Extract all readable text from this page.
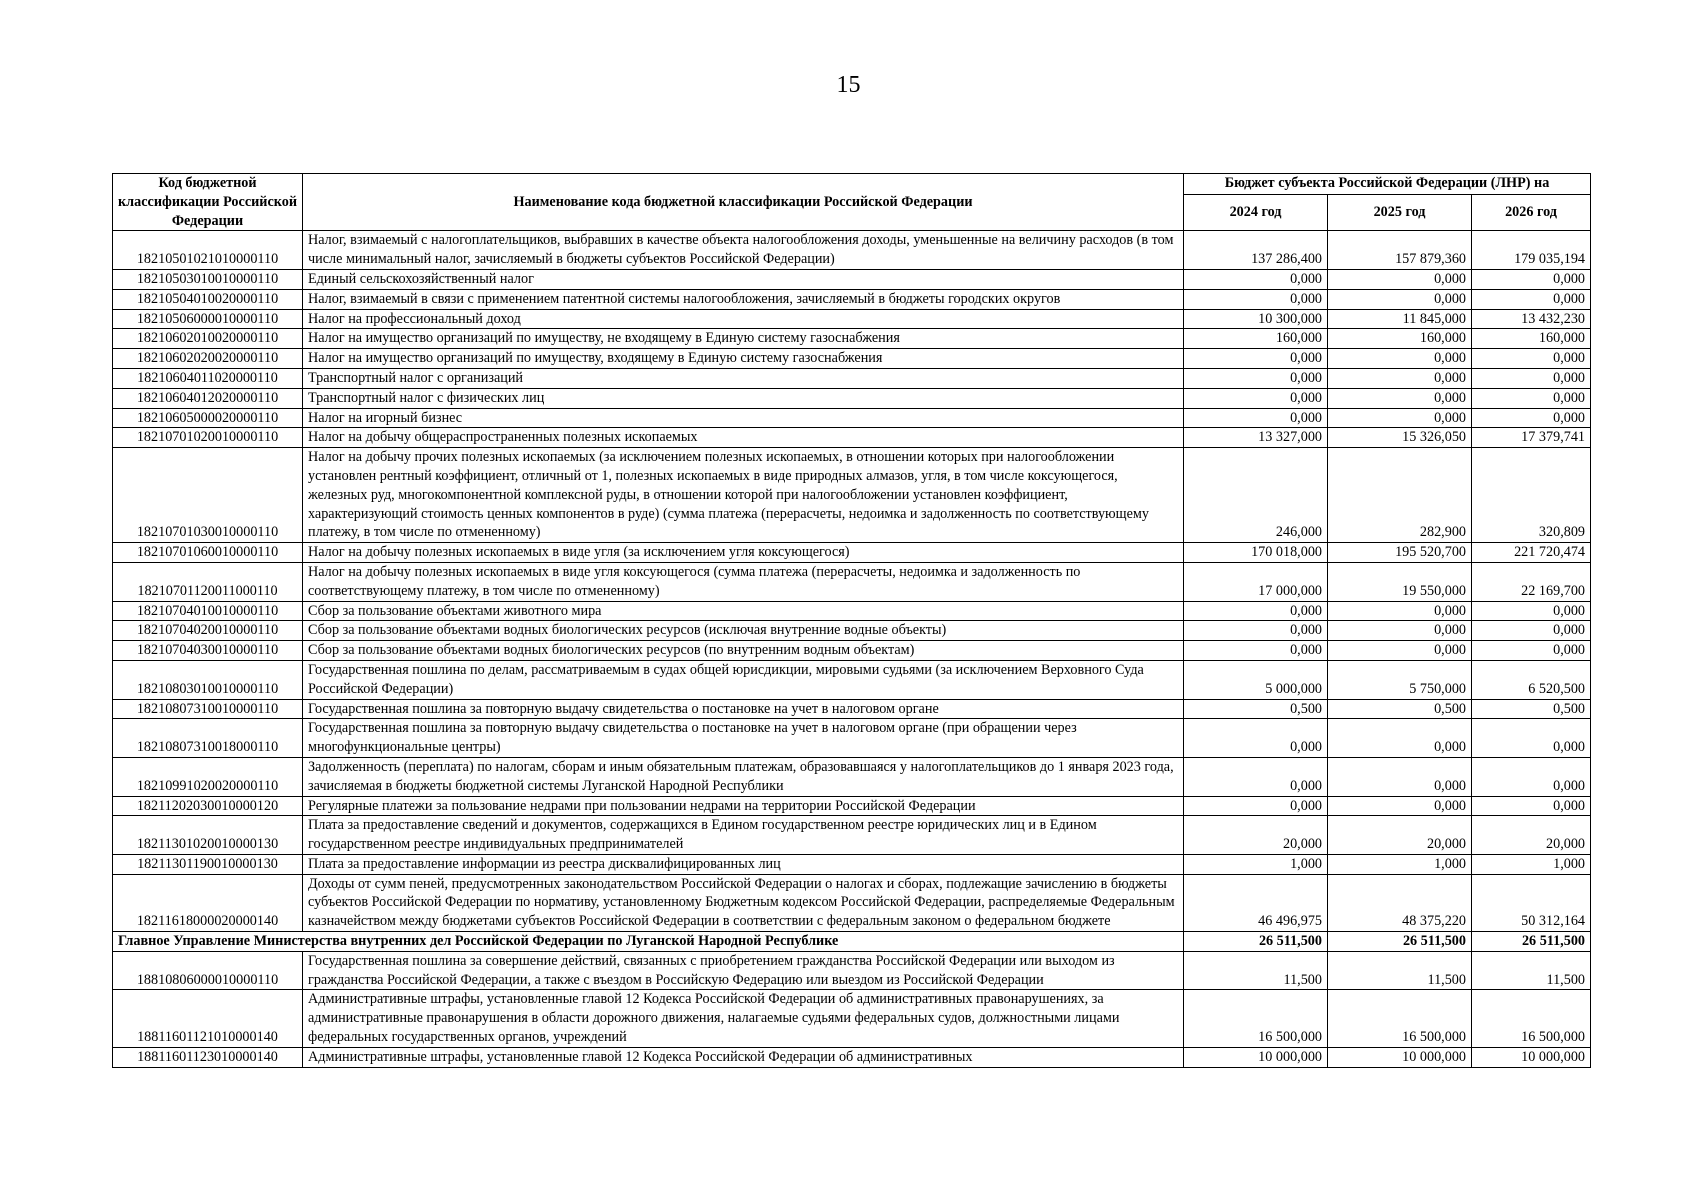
15
Код бюджетной классификации Российской Федерации	Наименование кода бюджетной классификации Российской Федерации	Бюджет субъекта Российской Федерации (ЛНР) на		
		2024 год	2025 год	2026 год
18210501021010000110	Налог, взимаемый с налогоплательщиков, выбравших в качестве объекта налогообложения доходы, уменьшенные на величину расходов (в том числе минимальный налог, зачисляемый в бюджеты субъектов Российской Федерации)	137 286,400	157 879,360	179 035,194
18210503010010000110	Единый сельскохозяйственный налог	0,000	0,000	0,000
18210504010020000110	Налог, взимаемый в связи с применением патентной системы налогообложения, зачисляемый в бюджеты городских округов	0,000	0,000	0,000
18210506000010000110	Налог на профессиональный доход	10 300,000	11 845,000	13 432,230
18210602010020000110	Налог на имущество организаций по имуществу, не входящему в Единую систему газоснабжения	160,000	160,000	160,000
18210602020020000110	Налог на имущество организаций по имуществу, входящему в Единую систему газоснабжения	0,000	0,000	0,000
18210604011020000110	Транспортный налог с организаций	0,000	0,000	0,000
18210604012020000110	Транспортный налог с физических лиц	0,000	0,000	0,000
18210605000020000110	Налог на игорный бизнес	0,000	0,000	0,000
18210701020010000110	Налог на добычу общераспространенных полезных ископаемых	13 327,000	15 326,050	17 379,741
18210701030010000110	Налог на добычу прочих полезных ископаемых (за исключением полезных ископаемых, в отношении которых при налогообложении установлен рентный коэффициент, отличный от 1, полезных ископаемых в виде природных алмазов, угля, в том числе коксующегося, железных руд, многокомпонентной комплексной руды, в отношении которой при налогообложении установлен коэффициент, характеризующий стоимость ценных компонентов в руде) (сумма платежа (перерасчеты, недоимка и задолженность по соответствующему платежу, в том числе по отмененному)	246,000	282,900	320,809
18210701060010000110	Налог на добычу полезных ископаемых в виде угля (за исключением угля коксующегося)	170 018,000	195 520,700	221 720,474
18210701120011000110	Налог на добычу полезных ископаемых в виде угля коксующегося (сумма платежа (перерасчеты, недоимка и задолженность по соответствующему платежу, в том числе по отмененному)	17 000,000	19 550,000	22 169,700
18210704010010000110	Сбор за пользование объектами животного мира	0,000	0,000	0,000
18210704020010000110	Сбор за пользование объектами водных биологических ресурсов (исключая внутренние водные объекты)	0,000	0,000	0,000
18210704030010000110	Сбор за пользование объектами водных биологических ресурсов (по внутренним водным объектам)	0,000	0,000	0,000
18210803010010000110	Государственная пошлина по делам, рассматриваемым в судах общей юрисдикции, мировыми судьями (за исключением Верховного Суда Российской Федерации)	5 000,000	5 750,000	6 520,500
18210807310010000110	Государственная пошлина за повторную выдачу свидетельства о постановке на учет в налоговом органе	0,500	0,500	0,500
18210807310018000110	Государственная пошлина за повторную выдачу свидетельства о постановке на учет в налоговом органе (при обращении через многофункциональные центры)	0,000	0,000	0,000
18210991020020000110	Задолженность (переплата) по налогам, сборам и иным обязательным платежам, образовавшаяся у налогоплательщиков до 1 января 2023 года, зачисляемая в бюджеты бюджетной системы Луганской Народной Республики	0,000	0,000	0,000
18211202030010000120	Регулярные платежи за пользование недрами при пользовании недрами на территории Российской Федерации	0,000	0,000	0,000
18211301020010000130	Плата за предоставление сведений и документов, содержащихся в Едином государственном реестре юридических лиц и в Едином государственном реестре индивидуальных предпринимателей	20,000	20,000	20,000
18211301190010000130	Плата за предоставление информации из реестра дисквалифицированных лиц	1,000	1,000	1,000
18211618000020000140	Доходы от сумм пеней, предусмотренных законодательством Российской Федерации о налогах и сборах, подлежащие зачислению в бюджеты субъектов Российской Федерации по нормативу, установленному Бюджетным кодексом Российской Федерации, распределяемые Федеральным казначейством между бюджетами субъектов Российской Федерации в соответствии с федеральным законом о федеральном бюджете	46 496,975	48 375,220	50 312,164
Главное Управление Министерства внутренних дел Российской Федерации по Луганской Народной Республике		26 511,500	26 511,500	26 511,500
18810806000010000110	Государственная пошлина за совершение действий, связанных с приобретением гражданства Российской Федерации или выходом из гражданства Российской Федерации, а также с въездом в Российскую Федерацию или выездом из Российской Федерации	11,500	11,500	11,500
18811601121010000140	Административные штрафы, установленные главой 12 Кодекса Российской Федерации об административных правонарушениях, за административные правонарушения в области дорожного движения, налагаемые судьями федеральных судов, должностными лицами федеральных государственных органов, учреждений	16 500,000	16 500,000	16 500,000
18811601123010000140	Административные штрафы, установленные главой 12 Кодекса Российской Федерации об административных	10 000,000	10 000,000	10 000,000
